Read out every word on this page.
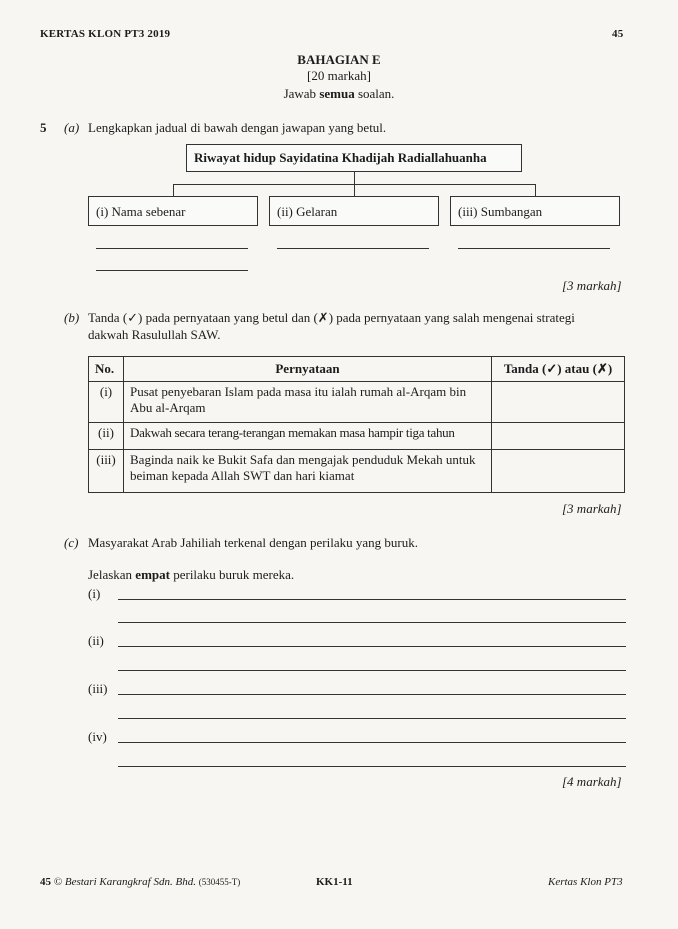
KERTAS KLON PT3 2019	45
BAHAGIAN E
[20 markah]
Jawab semua soalan.
5 (a) Lengkapkan jadual di bawah dengan jawapan yang betul.
Riwayat hidup Sayidatina Khadijah Radiallahuanha
(i) Nama sebenar	(ii) Gelaran	(iii) Sumbangan
[3 markah]
(b) Tanda (✓) pada pernyataan yang betul dan (✗) pada pernyataan yang salah mengenai strategi
dakwah Rasulullah SAW.
No.	Pernyataan	Tanda (✓) atau (✗)
(i)	Pusat penyebaran Islam pada masa itu ialah rumah al-Arqam bin Abu al-Arqam	
(ii)	Dakwah secara terang-terangan memakan masa hampir tiga tahun	
(iii)	Baginda naik ke Bukit Safa dan mengajak penduduk Mekah untuk beiman kepada Allah SWT dan hari kiamat	
[3 markah]
(c) Masyarakat Arab Jahiliah terkenal dengan perilaku yang buruk.
Jelaskan empat perilaku buruk mereka.
(i)
(ii)
(iii)
(iv)
[4 markah]
45 © Bestari Karangkraf Sdn. Bhd. (530455-T)	KK1-11	Kertas Klon PT3
